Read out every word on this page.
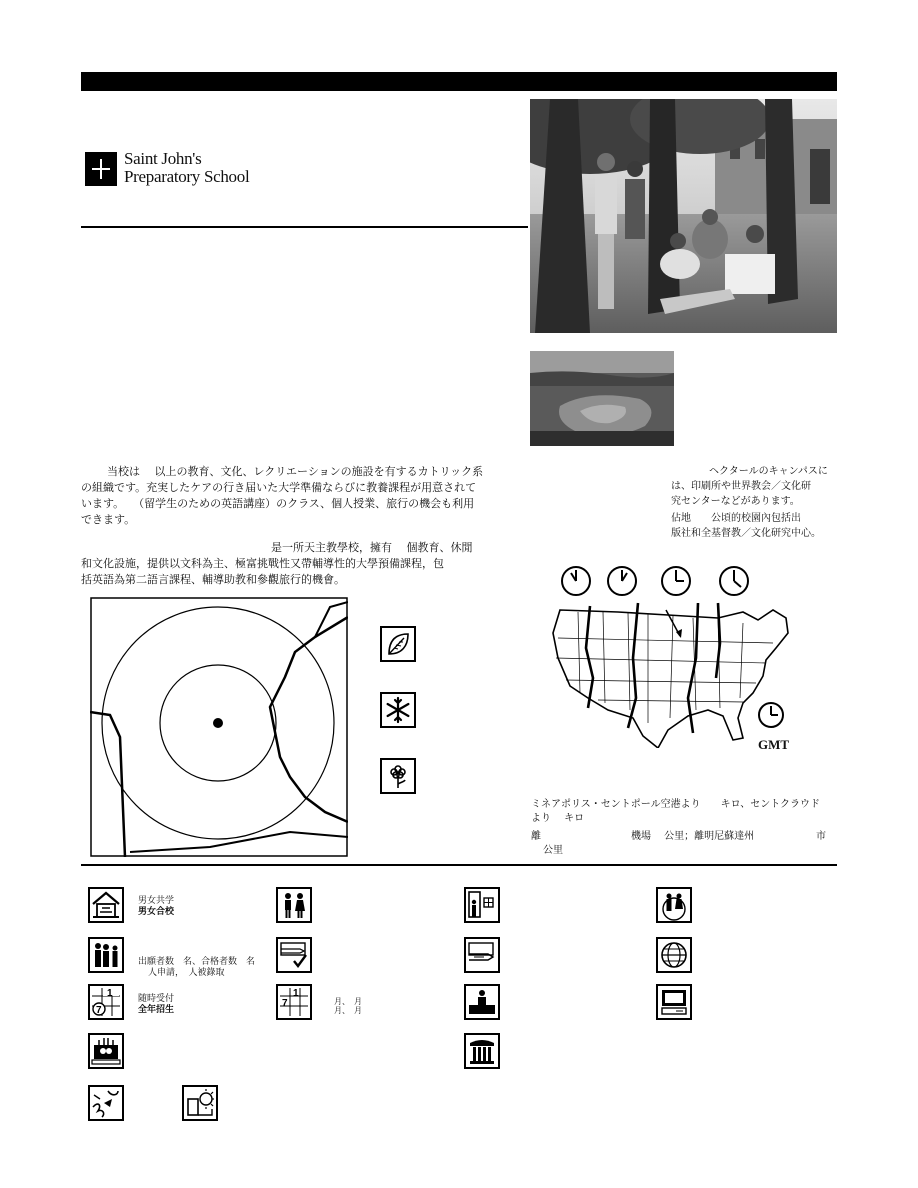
Saint John's
Preparatory School
当校は　 以上の教育、文化、レクリエーションの施設を有するカトリック系
の組織です。充実したケアの行き届いた大学準備ならびに教養課程が用意されて
います。　 （留学生のための英語講座）のクラス、個人授業、旅行の機会も利用
できます。
是一所天主教學校，擁有　 個教育、休閒
和文化設施，提供以文科為主、極富挑戰性又帶輔導性的大學預備課程，包
括英語為第二語言課程、輔導助教和參觀旅行的機會。
ヘクタールのキャンパスに
は、印刷所や世界教会／文化研
究センターなどがあります。
佔地　　公頃的校園內包括出
版社和全基督教／文化研究中心。
GMT
ミネアポリス・セントポール空港より　　キロ、セントクラウド
より　 キロ
離	機場　 公里；離明尼蘇達州	市
公里
男女共学
男女合校
出願者数　名、合格者数　名
人申請，　人被錄取
1
7
随時受付
全年招生
1
7	月、　月
月、　月
